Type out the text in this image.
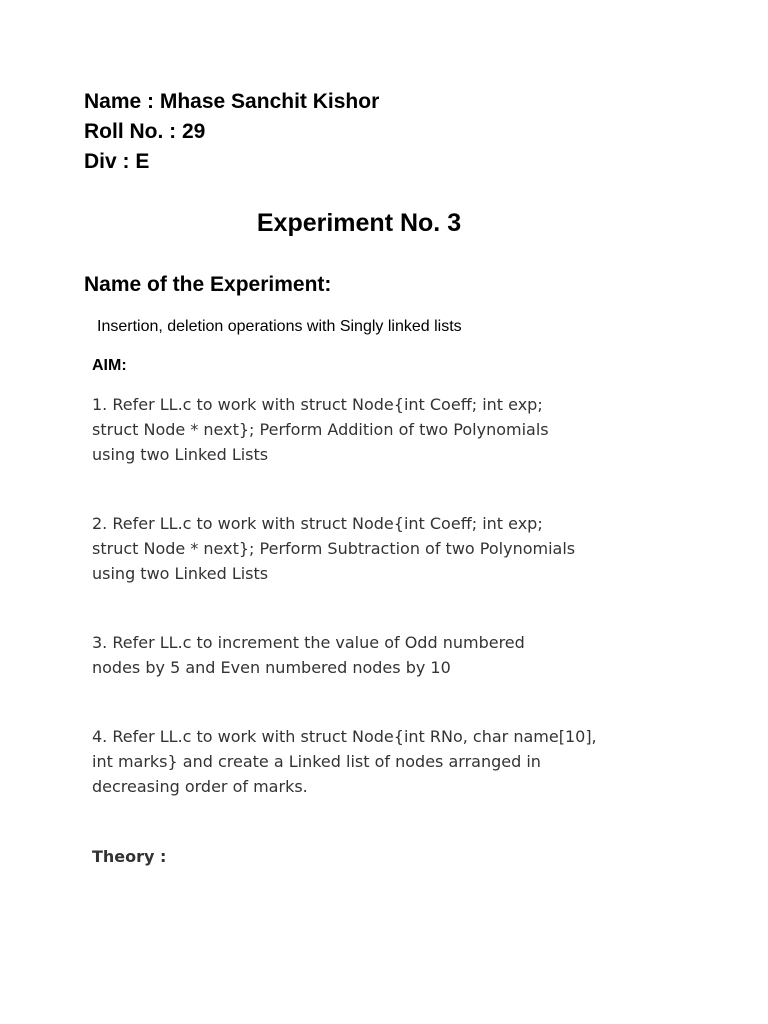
Name : Mhase Sanchit Kishor
Roll No. : 29
Div : E
Experiment No. 3
Name of the Experiment:
Insertion, deletion operations with Singly linked lists
AIM:
1. Refer LL.c to work with struct Node{int Coeff; int exp;
struct Node * next}; Perform Addition of two Polynomials
using two Linked Lists
2. Refer LL.c to work with struct Node{int Coeff; int exp;
struct Node * next}; Perform Subtraction of two Polynomials
using two Linked Lists
3. Refer LL.c to increment the value of Odd numbered
nodes by 5 and Even numbered nodes by 10
4. Refer LL.c to work with struct Node{int RNo, char name[10],
int marks} and create a Linked list of nodes arranged in
decreasing order of marks.
Theory :
